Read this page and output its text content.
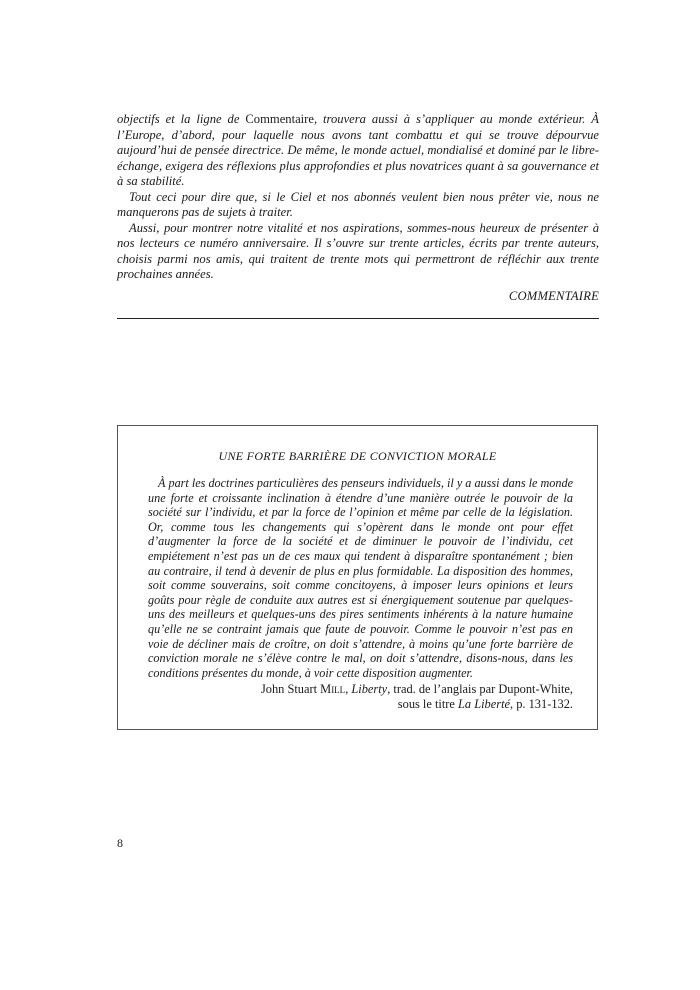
objectifs et la ligne de Commentaire, trouvera aussi à s’appliquer au monde extérieur. À l’Europe, d’abord, pour laquelle nous avons tant combattu et qui se trouve dépourvue aujourd’hui de pensée directrice. De même, le monde actuel, mondialisé et dominé par le libre-échange, exigera des réflexions plus approfondies et plus novatrices quant à sa gouvernance et à sa stabilité.

Tout ceci pour dire que, si le Ciel et nos abonnés veulent bien nous prêter vie, nous ne manquerons pas de sujets à traiter.

Aussi, pour montrer notre vitalité et nos aspirations, sommes-nous heureux de présenter à nos lecteurs ce numéro anniversaire. Il s’ouvre sur trente articles, écrits par trente auteurs, choisis parmi nos amis, qui traitent de trente mots qui permettront de réfléchir aux trente prochaines années.

COMMENTAIRE
UNE FORTE BARRIÈRE DE CONVICTION MORALE

À part les doctrines particulières des penseurs individuels, il y a aussi dans le monde une forte et croissante inclination à étendre d’une manière outrée le pouvoir de la société sur l’individu, et par la force de l’opinion et même par celle de la législation. Or, comme tous les changements qui s’opèrent dans le monde ont pour effet d’augmenter la force de la société et de diminuer le pouvoir de l’individu, cet empiétement n’est pas un de ces maux qui tendent à disparaître spontanément ; bien au contraire, il tend à devenir de plus en plus formidable. La disposition des hommes, soit comme souverains, soit comme concitoyens, à imposer leurs opinions et leurs goûts pour règle de conduite aux autres est si énergiquement soutenue par quelques-uns des meilleurs et quelques-uns des pires sentiments inhérents à la nature humaine qu’elle ne se contraint jamais que faute de pouvoir. Comme le pouvoir n’est pas en voie de décliner mais de croître, on doit s’attendre, à moins qu’une forte barrière de conviction morale ne s’élève contre le mal, on doit s’attendre, disons-nous, dans les conditions présentes du monde, à voir cette disposition augmenter.

John Stuart Mill, Liberty, trad. de l’anglais par Dupont-White,
sous le titre La Liberté, p. 131-132.
8
